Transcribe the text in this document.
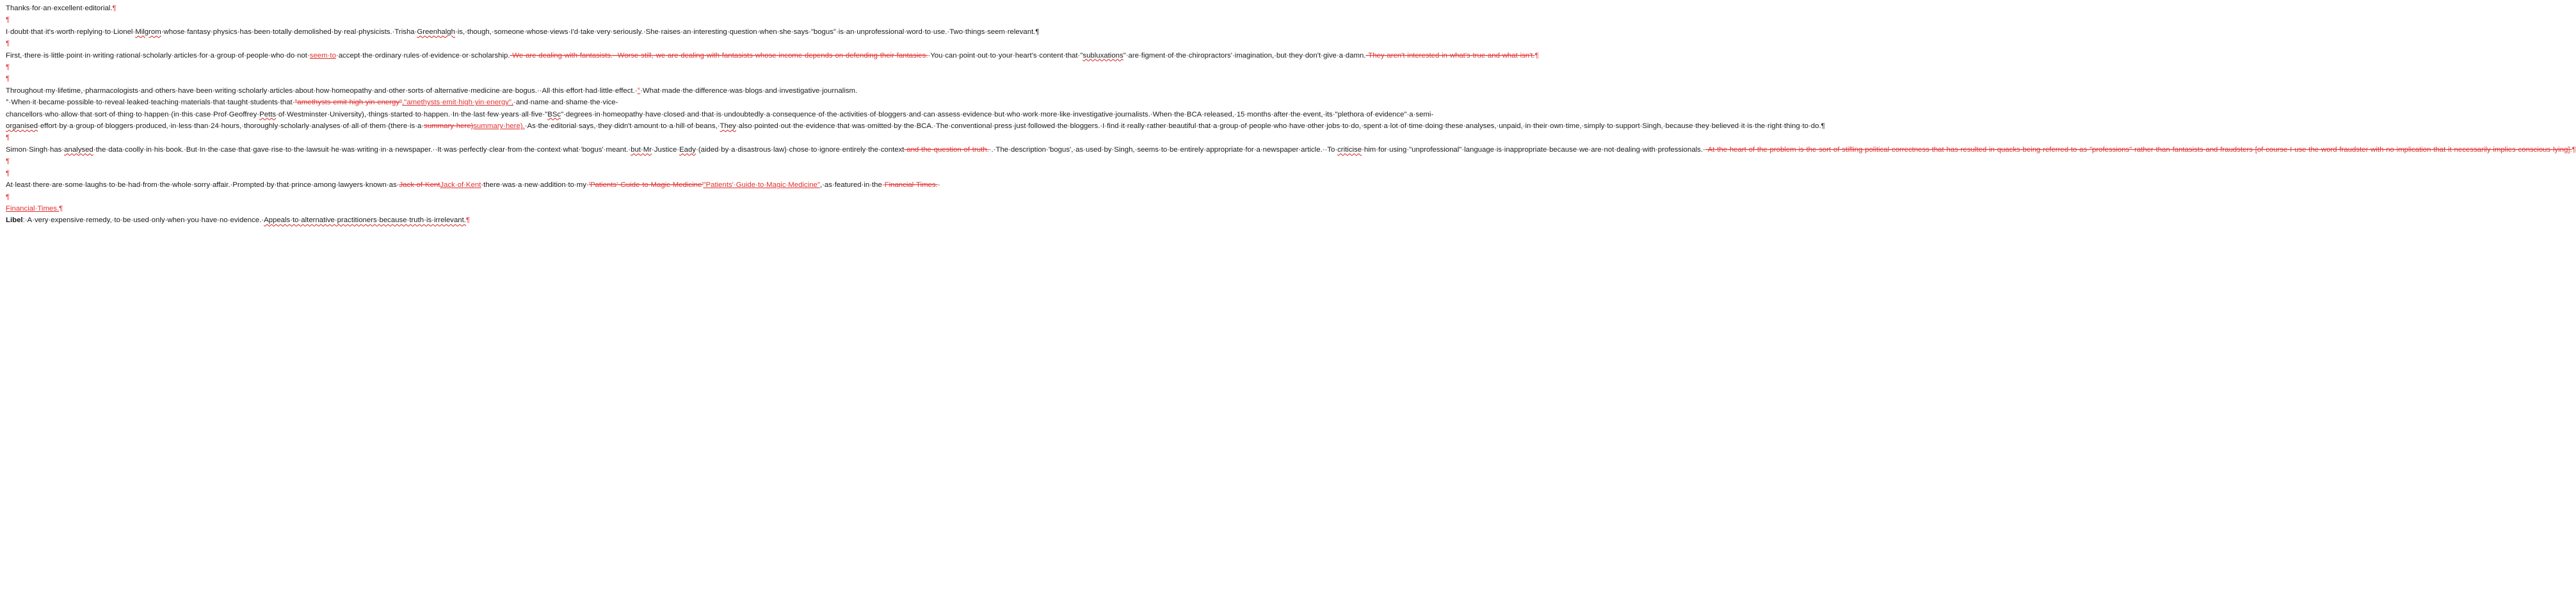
Thanks·for·an·excellent·editorial.¶

¶

I·doubt·that·it's·worth·replying·to·Lionel·Milgrom·whose·fantasy·physics·has·been·totally·demolished·by·real·physicists.·Trisha·Greenhalgh·is,·though,·someone·whose·views·I'd·take·very·seriously.·She·raises·an·interesting·question·when·she·says·"bogus"·is·an·unprofessional·word·to·use.·Two·things·seem·relevant.¶

¶

First,·there·is·little·point·in·writing·rational·scholarly·articles·for·a·group·of·people·who·do·not·seem·to·accept·the·ordinary·rules·of·evidence·or·scholarship.·We·are·dealing·with·fantasists.··Worse·still,·we·are·dealing·with·fantasists·whose·income·depends·on·defending·their·fantasies.·You·can·point·out·to·your·heart's·content·that·"subluxations"·are·figment·of·the·chiropractors'·imagination,·but·they·don't·give·a·damn.·They·aren't·interested·in·what's·true·and·what·isn't.¶

¶

¶

Throughout·my·lifetime,·pharmacologists·and·others·have·been·writing·scholarly·articles·about·how·homeopathy·and·other·sorts·of·alternative·medicine·are·bogus.··All·this·effort·had·little·effect.·°·What·made·the·difference·was·blogs·and·investigative·journalism.°·When·it·became·possible·to·reveal·leaked·teaching·materials·that·taught·students·that·"amethysts·emit·high·yin·energy","amethysts·emit·high·yin·energy",·and·name·and·shame·the·vice-chancellors·who·allow·that·sort·of·thing·to·happen·(in·this·case·Prof·Geoffrey·Petts·of·Westminster·University),·things·started·to·happen.·In·the·last·few·years·all·five·"BSc"·degrees·in·homeopathy·have·closed·and·that·is·undoubtedly·a·consequence·of·the·activities·of·bloggers·and·can·assess·evidence·but·who·work·more·like·investigative·journalists.·When·the·BCA·released,·15·months·after·the·event,·its·"plethora·of·evidence"·a·semi-organised·effort·by·a·group·of·bloggers·produced,·in·less·than·24·hours,·thoroughly·scholarly·analyses·of·all·of·them·(there·is·a·summary·here)summary·here).·As·the·editorial·says,·they·didn't·amount·to·a·hill·of·beans,·They·also·pointed·out·the·evidence·that·was·omitted·by·the·BCA.·The·conventional·press·just·followed·the·bloggers.·I·find·it·really·rather·beautiful·that·a·group·of·people·who·have·other·jobs·to·do,·spent·a·lot·of·time·doing·these·analyses,·unpaid,·in·their·own·time,·simply·to·support·Singh,·because·they·believed·it·is·the·right·thing·to·do.¶

¶

Simon·Singh·has·analysed·the·data·coolly·in·his·book.·But·In·the·case·that·gave·rise·to·the·lawsuit·he·was·writing·in·a·newspaper.··It·was·perfectly·clear·from·the·context·what·'bogus'·meant.·but·Mr·Justice·Eady·(aided·by·a·disastrous·law)·chose·to·ignore·entirely·the·context·and·the·question·of·truth.·.·The·description·'bogus',·as·used·by·Singh,·seems·to·be·entirely·appropriate·for·a·newspaper·article.··To·criticise·him·for·using·"unprofessional"·language·is·inappropriate·because·we·are·not·dealing·with·professionals.··At·the·heart·of·the·problem·is·the·sort·of·stifling·political·correctness·that·has·resulted·in·quacks·being·referred·to·as·"professions"·rather·than·fantasists·and·fraudsters·[of·course·I·use·the·word·fraudster·with·no·implication·that·it·necessarily·implies·conscious·lying].¶

¶

¶

At·least·there·are·some·laughs·to·be·had·from·the·whole·sorry·affair.·Prompted·by·that·prince·among·lawyers·known·as·Jack·of·KentJack·of·Kent·there·was·a·new·addition·to·my·'Patients'·Guide·to·Magic·Medicine'"Patients'·Guide·to·Magic·Medicine",·as·featured·in·the·Financial·Times.·

¶

Financial·Times.¶

Libel:·A·very·expensive·remedy,·to·be·used·only·when·you·have·no·evidence.·Appeals·to·alternative·practitioners·because·truth·is·irrelevant.¶
